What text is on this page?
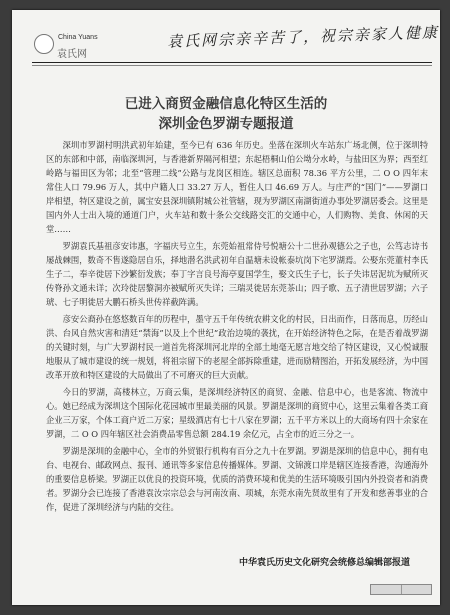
China Yuans
袁氏网
袁氏网宗亲辛苦了，祝宗亲家人健康
已进入商贸金融信息化特区生活的
深圳金色罗湖专题报道

深圳市罗湖村明洪武初年始建，至今已有 636 年历史。坐落在深圳火车站东广场北侧，位于深圳特区的东部和中部，南临深圳河，与香港新界隔河相望；东起梧桐山伯公坳分水岭，与盐田区为界；西至红岭路与福田区为邻；北至“管理二线”公路与龙岗区相连。辖区总面积 78.36 平方公里，二 O O 四年末常住人口 79.96 万人，其中户籍人口 33.27 万人，暂住人口 46.69 万人。与庄严的“国门”——罗湖口岸相望，特区建设之前，属宝安县深圳镇附城公社管辖，现为罗湖区南湖街道办事处罗湖居委会。这里是国内外人士出入境的通道门户，火车站和数十条公交线路交汇的交通中心，人们购物、美食、休闲的天堂……

罗湖袁氏基祖彦安讳惠，字福庆号立生，东莞始祖常侍号悦塘公十二世孙观德公之子也，公笃志诗书屡战棘围，数奇不售遂隐居自乐，择地潜名洪武初年自温塘未设帐泰坑岗下宅罗湖焉。公娶东莞董村李氏生子二，奉辛徙居下沙繁衍发族；奉丁字言良号海亭夏国学生，娶文氏生子七，长子失讳居泥坑为赋所灭传脊孙文通未详；次玲徙居黎洞亦被赋所灭失详；三瑞灵徙居东莞茶山；四子歌、五子清世居罗湖；六子琥、七子明徙居大鹏石桥头世传祥截阵满。

彦安公裔孙在悠悠数百年的历程中，墨守五千年传统农耕文化的村民，日出而作，日落而息，历经山洪、台风自然灾害和清廷“禁海”以及上个世纪”政治边境的袭扰，在开始经济特色之际，在是否着战罗湖的关键时刻，与广大罗湖村民一道首先将深圳河北岸的全部土地毫无愿言地交给了特区建设，又心悦诚服地服从了城市建设的统一规划，将祖宗留下的老屋全部拆除重建，进而励精图治，开拓发展经济，为中国改革开放和特区建设的大局做出了不可磨灭的巨大贡献。

今日的罗湖，高楼林立，万商云集，是深圳经济特区的商贸、金融、信息中心，也是客流、物流中心。她已经成为深圳这个国际化花园城市里最美丽的风景。罗湖是深圳的商贸中心，这里云集着各类工商企业三万家，个体工商户近二万家；星级酒店有七十八家在罗湖；五千平方米以上的大商场有四十余家在罗湖，二 O O 四年辖区社会消费品零售总额 284.19 余亿元，占全市的近三分之一。

罗湖是深圳的金融中心，全市的外贸银行机构有百分之九十在罗湖。罗湖是深圳的信息中心，拥有电台、电视台、邮政网点、报刊、通讯等多家信息传播媒体。罗湖、文锦渡口岸是辖区连接香港，沟通海外的重要信息桥梁。罗湖正以优良的投资环境，优质的消费环境和优美的生活环境吸引国内外投资者和消费者。罗湖分会已连接了香港袁汝宗宗总会与河南汝南、项城，东莞水南先贤故里有了开发和慈善事业的合作，促进了深圳经济与内陆的交往。

中华袁氏历史文化研究会统修总编辑部报道
